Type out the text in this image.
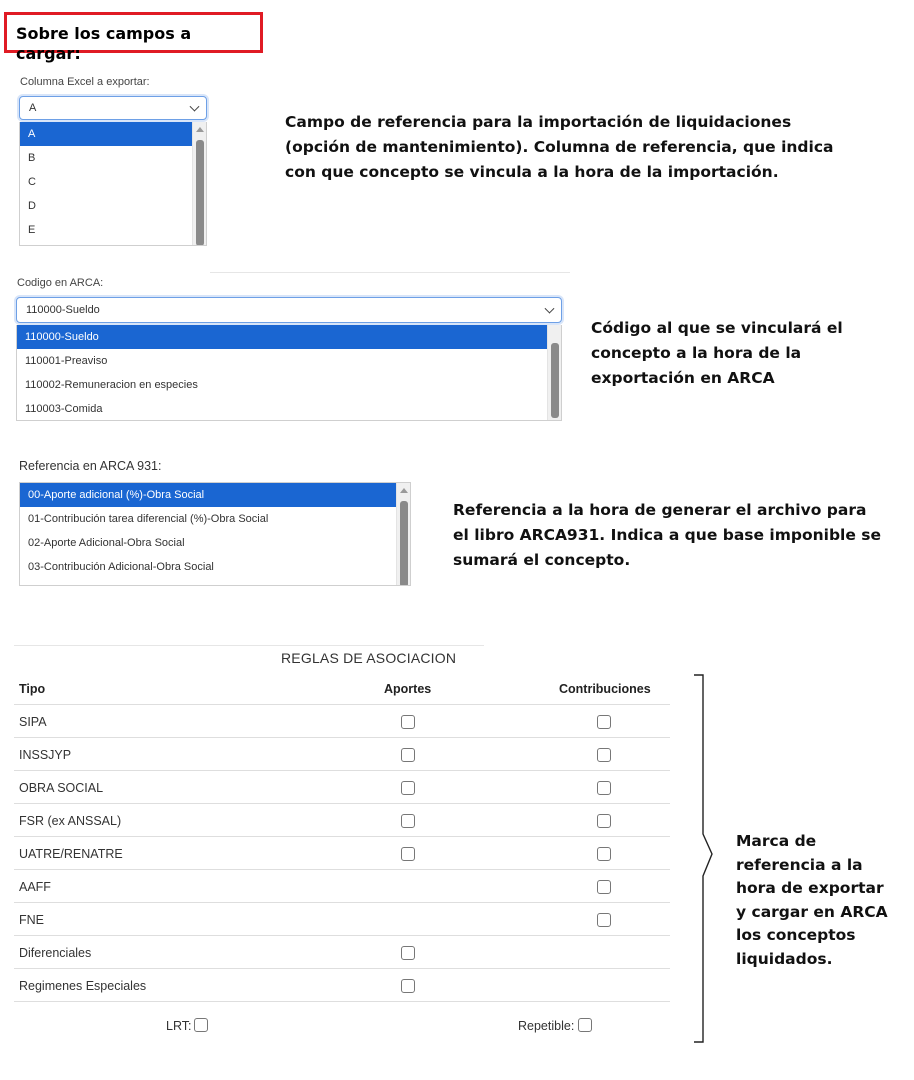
Sobre los campos a cargar:
Columna Excel a exportar:
A
A
B
C
D
E
Campo de referencia para la importación de liquidaciones
(opción de mantenimiento). Columna de referencia, que indica
con que concepto se vincula a la hora de la importación.
Codigo en ARCA:
110000-Sueldo
110000-Sueldo
110001-Preaviso
110002-Remuneracion en especies
110003-Comida
Código al que se vinculará el
concepto a la hora de la
exportación en ARCA
Referencia en ARCA 931:
00-Aporte adicional (%)-Obra Social
01-Contribución tarea diferencial (%)-Obra Social
02-Aporte Adicional-Obra Social
03-Contribución Adicional-Obra Social
Referencia a la hora de generar el archivo para
el libro ARCA931. Indica a que base imponible se
sumará el concepto.
REGLAS DE ASOCIACION
Tipo	Aportes	Contribuciones
SIPA
INSSJYP
OBRA SOCIAL
FSR (ex ANSSAL)
UATRE/RENATRE
AAFF
FNE
Diferenciales
Regimenes Especiales
LRT:	Repetible:
Marca de
referencia a la
hora de exportar
y cargar en ARCA
los conceptos
liquidados.
